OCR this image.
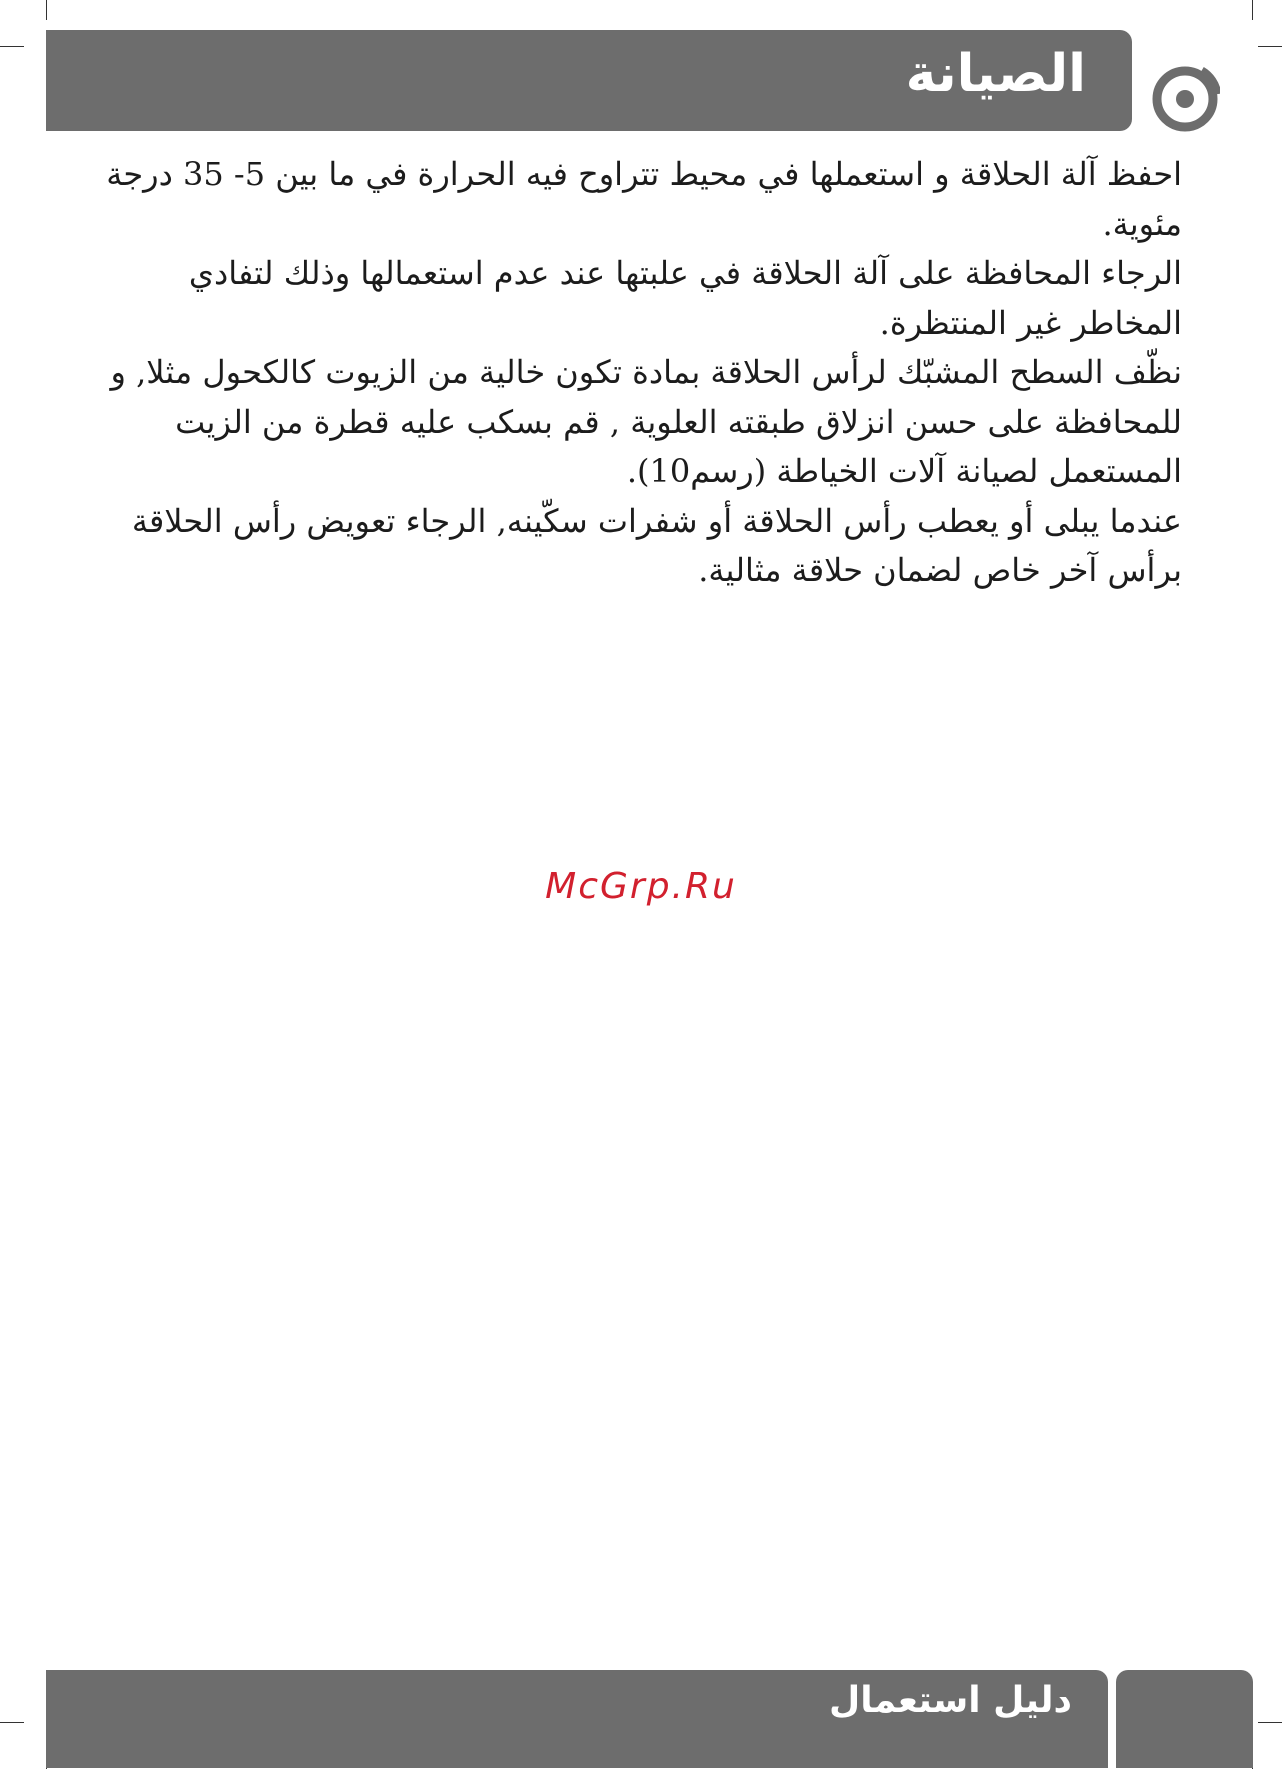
الصيانة

احفظ آلة الحلاقة و استعملها في محيط تتراوح فيه الحرارة في ما بين 5- 35 درجة مئوية.

الرجاء المحافظة على آلة الحلاقة في علبتها عند عدم استعمالها وذلك لتفادي المخاطر غير المنتظرة.

نظّف السطح المشبّك لرأس الحلاقة بمادة تكون خالية من الزيوت كالكحول مثلا, و للمحافظة على حسن انزلاق طبقته العلوية , قم بسكب عليه قطرة من الزيت المستعمل لصيانة آلات الخياطة (رسم10).

عندما يبلى أو يعطب رأس الحلاقة أو شفرات سكّينه, الرجاء تعويض رأس الحلاقة برأس آخر خاص لضمان حلاقة مثالية.

McGrp.Ru
دليل استعمال
